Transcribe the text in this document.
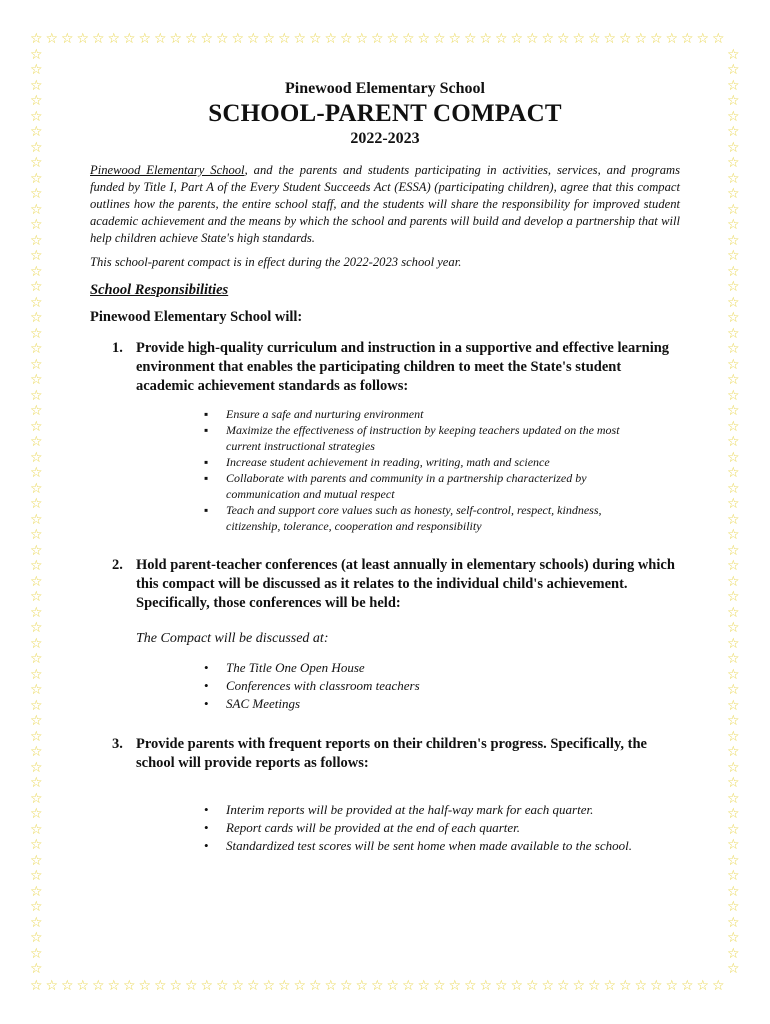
☆
☆
☆
☆
☆
☆
☆
☆
☆
☆
☆
☆
☆
☆
☆
☆
☆
☆
☆
☆
☆
☆
☆
☆
☆
☆
☆
☆
☆
☆
☆
☆
☆
☆
☆
☆
☆
☆
☆
☆
☆
☆
☆
☆
☆
☆
☆
☆
☆
☆
☆
☆
☆
☆
☆
☆
☆
☆
☆
☆
☆
☆
☆
☆
☆
☆
☆
☆
☆
☆
☆
☆
☆
☆
☆
☆
☆
☆
☆
☆
☆
☆
☆
☆
☆
☆
☆
☆
☆
☆
☆	☆
☆	☆
☆	☆
☆	☆
☆	☆
☆	☆
☆	☆
☆	☆
☆	☆
☆	☆
☆	☆
☆	☆
☆	☆
☆	☆
☆	☆
☆	☆
☆	☆
☆	☆
☆	☆
☆	☆
☆	☆
☆	☆
☆	☆
☆	☆
☆	☆
☆	☆
☆	☆
☆	☆
☆	☆
☆	☆
☆	☆
☆	☆
☆	☆
☆	☆
☆	☆
☆	☆
☆	☆
☆	☆
☆	☆
☆	☆
☆	☆
☆	☆
☆	☆
☆	☆
☆	☆
☆	☆
☆	☆
☆	☆
☆	☆
☆	☆
☆	☆
☆	☆
☆	☆
☆	☆
☆	☆
☆	☆
☆	☆
☆	☆
☆	☆
☆	☆
Pinewood Elementary School
SCHOOL-PARENT COMPACT
2022-2023
Pinewood Elementary School, and the parents and students participating in activities, services, and programs funded by Title I, Part A of the Every Student Succeeds Act (ESSA) (participating children), agree that this compact outlines how the parents, the entire school staff, and the students will share the responsibility for improved student academic achievement and the means by which the school and parents will build and develop a partnership that will help children achieve State's high standards.
This school-parent compact is in effect during the 2022-2023 school year.
School Responsibilities
Pinewood Elementary School will:
1. Provide high-quality curriculum and instruction in a supportive and effective learning environment that enables the participating children to meet the State's student academic achievement standards as follows:
▪ Ensure a safe and nurturing environment
▪ Maximize the effectiveness of instruction by keeping teachers updated on the most current instructional strategies
▪ Increase student achievement in reading, writing, math and science
▪ Collaborate with parents and community in a partnership characterized by communication and mutual respect
▪ Teach and support core values such as honesty, self-control, respect, kindness, citizenship, tolerance, cooperation and responsibility
2. Hold parent-teacher conferences (at least annually in elementary schools) during which this compact will be discussed as it relates to the individual child's achievement. Specifically, those conferences will be held:
The Compact will be discussed at:
• The Title One Open House
• Conferences with classroom teachers
• SAC Meetings
3. Provide parents with frequent reports on their children's progress. Specifically, the school will provide reports as follows:
• Interim reports will be provided at the half-way mark for each quarter.
• Report cards will be provided at the end of each quarter.
• Standardized test scores will be sent home when made available to the school.
